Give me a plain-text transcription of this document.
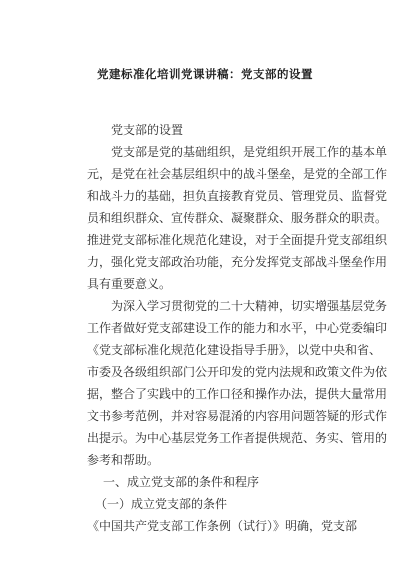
党建标准化培训党课讲稿：党支部的设置
党支部的设置
党支部是党的基础组织，是党组织开展工作的基本单
元，是党在社会基层组织中的战斗堡垒，是党的全部工作
和战斗力的基础，担负直接教育党员、管理党员、监督党
员和组织群众、宣传群众、凝聚群众、服务群众的职责。
推进党支部标准化规范化建设，对于全面提升党支部组织
力，强化党支部政治功能，充分发挥党支部战斗堡垒作用
具有重要意义。
为深入学习贯彻党的二十大精神，切实增强基层党务
工作者做好党支部建设工作的能力和水平，中心党委编印
《党支部标准化规范化建设指导手册》，以党中央和省、
市委及各级组织部门公开印发的党内法规和政策文件为依
据，整合了实践中的工作口径和操作办法，提供大量常用
文书参考范例，并对容易混淆的内容用问题答疑的形式作
出提示。为中心基层党务工作者提供规范、务实、管用的
参考和帮助。
一、成立党支部的条件和程序
（一）成立党支部的条件
《中国共产党支部工作条例（试行）》明确，党支部
